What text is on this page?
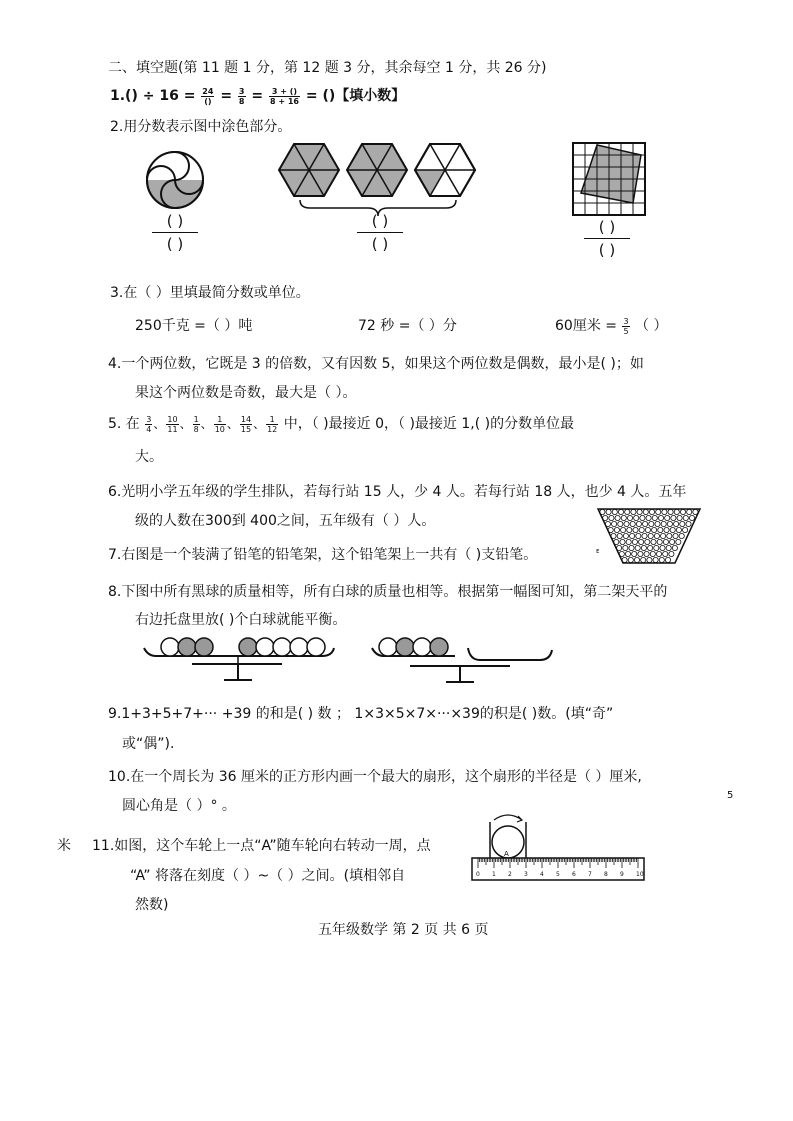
二、填空题(第 11 题 1 分，第 12 题 3 分，其余每空 1 分，共 26 分)
$1.() \div 16 = \frac{24}{()} = \frac{3}{8} = \frac{3 + ()}{8 + 16}$ = ()【填小数】
2.用分数表示图中涂色部分。
( )
( )
( )
( )
( )
( )
3.在（ ）里填最简分数或单位。
250千克 =（ ）吨	72 秒 =（ ）分	60厘米 = $\frac{3}{5}$ （ ）
4.一个两位数，它既是 3 的倍数，又有因数 5，如果这个两位数是偶数，最小是( )；如
果这个两位数是奇数，最大是（ ）。
5. 在 $\frac{3}{4}$ 、 $\frac{10}{11}$ 、 $\frac{1}{8}$ 、 $\frac{1}{10}$ 、 $\frac{14}{15}$ 、 $\frac{1}{12}$ 中，（ )最接近 0，（ )最接近 1,( )的分数单位最
大。
6.光明小学五年级的学生排队，若每行站 15 人，少 4 人。若每行站 18 人，也少 4 人。五年
级的人数在300到 400之间，五年级有（ ）人。
ᴇ
7.右图是一个装满了铅笔的铅笔架，这个铅笔架上一共有（ )支铅笔。
8.下图中所有黑球的质量相等，所有白球的质量也相等。根据第一幅图可知，第二架天平的
右边托盘里放( )个白球就能平衡。
9.1+3+5+7+··· +39 的和是( ) 数 ； 1×3×5×7×···×39的积是( )数。(填“奇”
或“偶”).
10.在一个周长为 36 厘米的正方形内画一个最大的扇形，这个扇形的半径是（ ）厘米,
圆心角是（ ）° 。
5
米 11.如图，这个车轮上一点“A”随车轮向右转动一周，点
“A” 将落在刻度（ ）~（ ）之间。(填相邻自
然数)
A
0 1 2 3 4 5 6 7 8 9 10
五年级数学 第 2 页 共 6 页
